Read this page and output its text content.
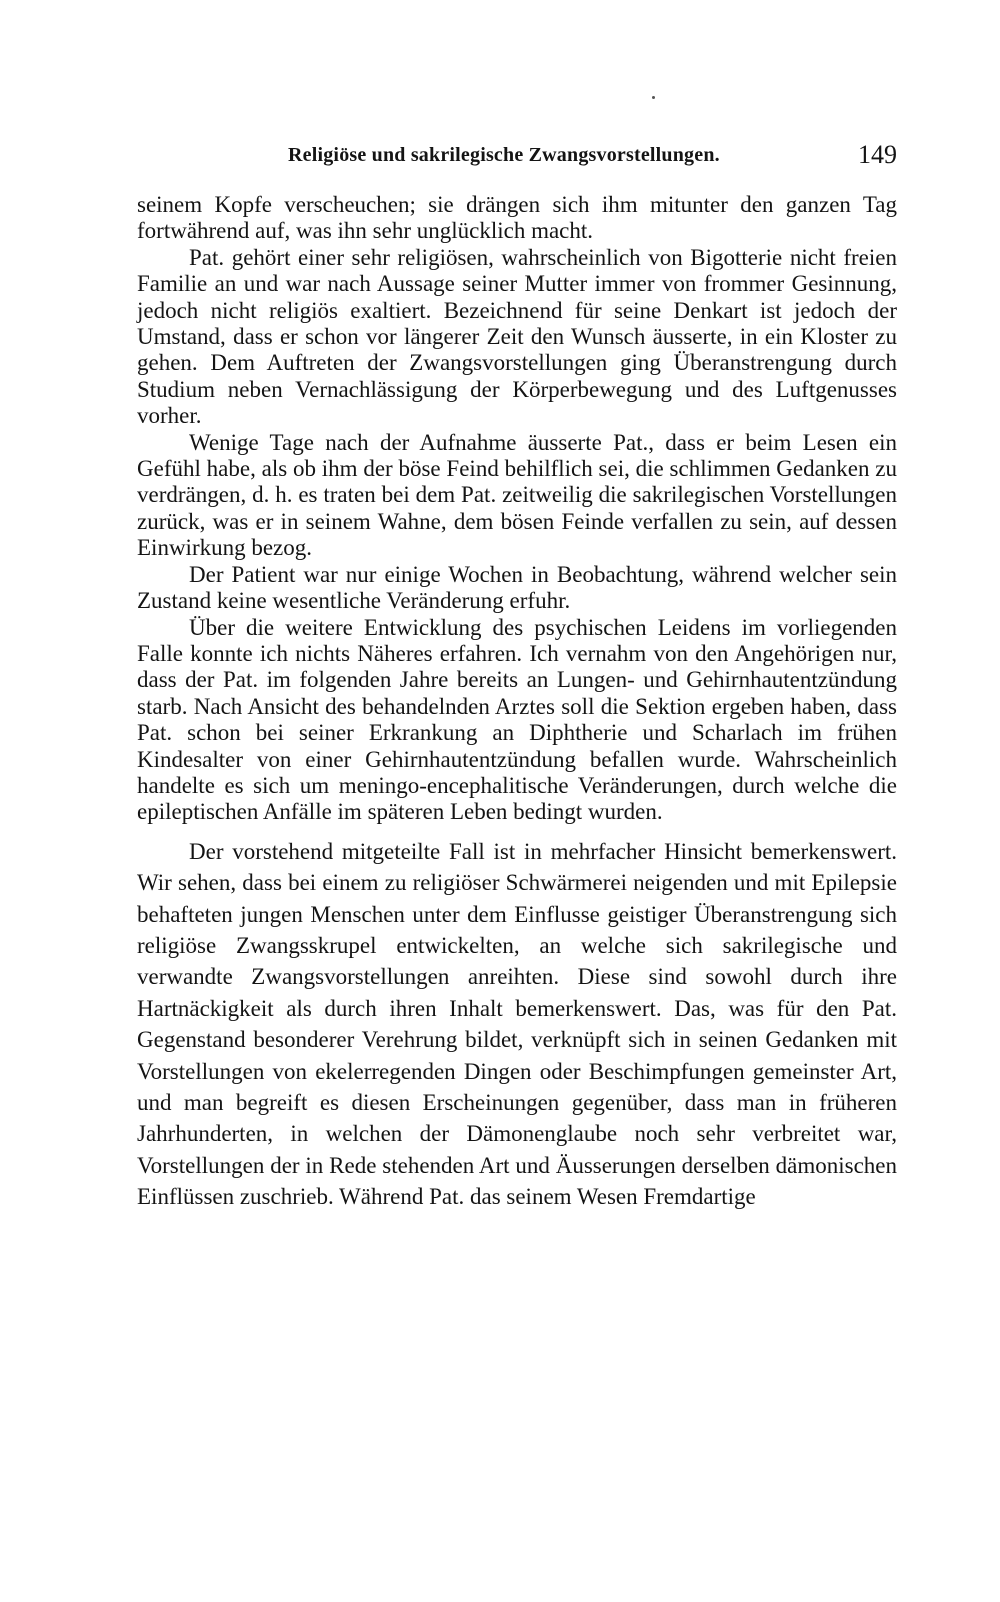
Religiöse und sakrilegische Zwangsvorstellungen.	149

seinem Kopfe verscheuchen; sie drängen sich ihm mitunter den ganzen Tag fortwährend auf, was ihn sehr unglücklich macht.

Pat. gehört einer sehr religiösen, wahrscheinlich von Bigotterie nicht freien Familie an und war nach Aussage seiner Mutter immer von frommer Gesinnung, jedoch nicht religiös exaltiert. Bezeichnend für seine Denkart ist jedoch der Umstand, dass er schon vor längerer Zeit den Wunsch äusserte, in ein Kloster zu gehen. Dem Auftreten der Zwangsvorstellungen ging Überanstrengung durch Studium neben Vernachlässigung der Körperbewegung und des Luftgenusses vorher.

Wenige Tage nach der Aufnahme äusserte Pat., dass er beim Lesen ein Gefühl habe, als ob ihm der böse Feind behilflich sei, die schlimmen Gedanken zu verdrängen, d. h. es traten bei dem Pat. zeitweilig die sakrilegischen Vorstellungen zurück, was er in seinem Wahne, dem bösen Feinde verfallen zu sein, auf dessen Einwirkung bezog.

Der Patient war nur einige Wochen in Beobachtung, während welcher sein Zustand keine wesentliche Veränderung erfuhr.

Über die weitere Entwicklung des psychischen Leidens im vorliegenden Falle konnte ich nichts Näheres erfahren. Ich vernahm von den Angehörigen nur, dass der Pat. im folgenden Jahre bereits an Lungen- und Gehirnhautentzündung starb. Nach Ansicht des behandelnden Arztes soll die Sektion ergeben haben, dass Pat. schon bei seiner Erkrankung an Diphtherie und Scharlach im frühen Kindesalter von einer Gehirnhautentzündung befallen wurde. Wahrscheinlich handelte es sich um meningo-encephalitische Veränderungen, durch welche die epileptischen Anfälle im späteren Leben bedingt wurden.

Der vorstehend mitgeteilte Fall ist in mehrfacher Hinsicht bemerkenswert. Wir sehen, dass bei einem zu religiöser Schwärmerei neigenden und mit Epilepsie behafteten jungen Menschen unter dem Einflusse geistiger Überanstrengung sich religiöse Zwangsskrupel entwickelten, an welche sich sakrilegische und verwandte Zwangsvorstellungen anreihten. Diese sind sowohl durch ihre Hartnäckigkeit als durch ihren Inhalt bemerkenswert. Das, was für den Pat. Gegenstand besonderer Verehrung bildet, verknüpft sich in seinen Gedanken mit Vorstellungen von ekelerregenden Dingen oder Beschimpfungen gemeinster Art, und man begreift es diesen Erscheinungen gegenüber, dass man in früheren Jahrhunderten, in welchen der Dämonenglaube noch sehr verbreitet war, Vorstellungen der in Rede stehenden Art und Äusserungen derselben dämonischen Einflüssen zuschrieb. Während Pat. das seinem Wesen Fremdartige
